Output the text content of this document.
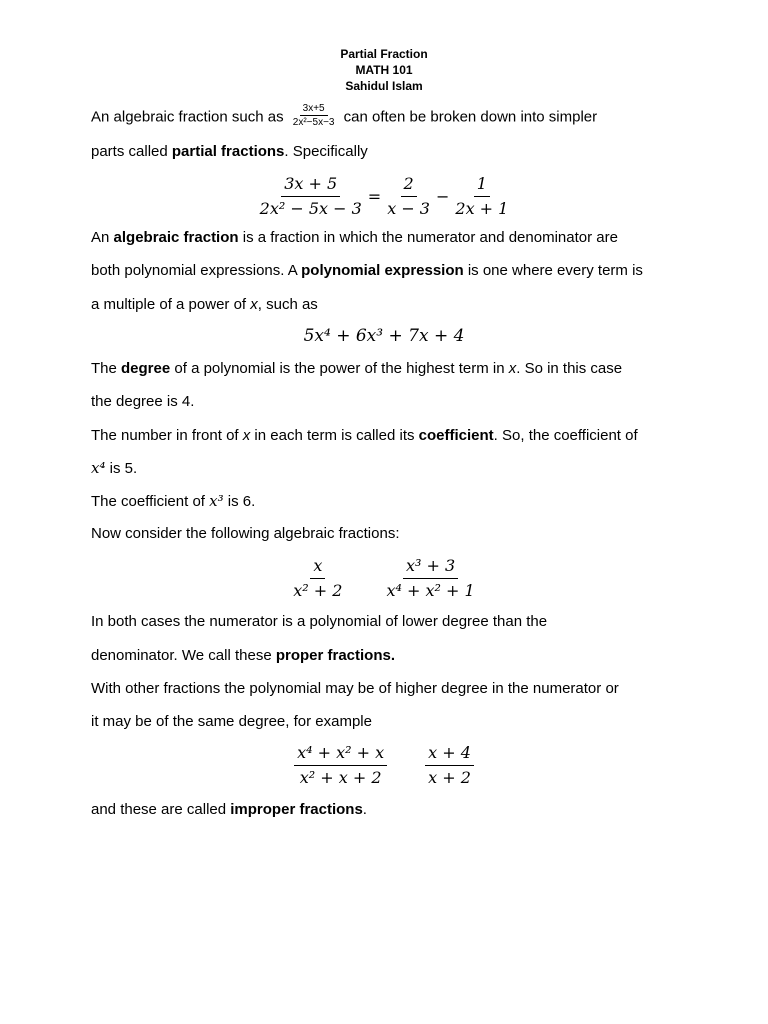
Partial Fraction
MATH 101
Sahidul Islam
An algebraic fraction such as $\frac{3x+5}{\text{2x²−5x−3}}$ can often be broken down into simpler
parts called partial fractions. Specifically
$\frac{3x + 5}{\text{2x² − 5x − 3}} = \frac{2}{x - 3} - \frac{1}{2x + 1}$
An algebraic fraction is a fraction in which the numerator and denominator are
both polynomial expressions. A polynomial expression is one where every term is
a multiple of a power of x, such as
5x⁴ + 6x³ + 7x + 4
The degree of a polynomial is the power of the highest term in x. So in this case
the degree is 4.
The number in front of x in each term is called its coefficient. So, the coefficient of
x⁴ is 5.
The coefficient of x³ is 6.
Now consider the following algebraic fractions:
$\frac{x}{\text{x² + 2}} \frac{\text{x³ + 3}}{\text{x⁴ + x² + 1}}$
In both cases the numerator is a polynomial of lower degree than the
denominator. We call these proper fractions.
With other fractions the polynomial may be of higher degree in the numerator or
it may be of the same degree, for example
$\frac{\text{x⁴ + x² + x}}{\text{x² + x + 2}} \frac{x + 4}{x + 2}$
and these are called improper fractions.
